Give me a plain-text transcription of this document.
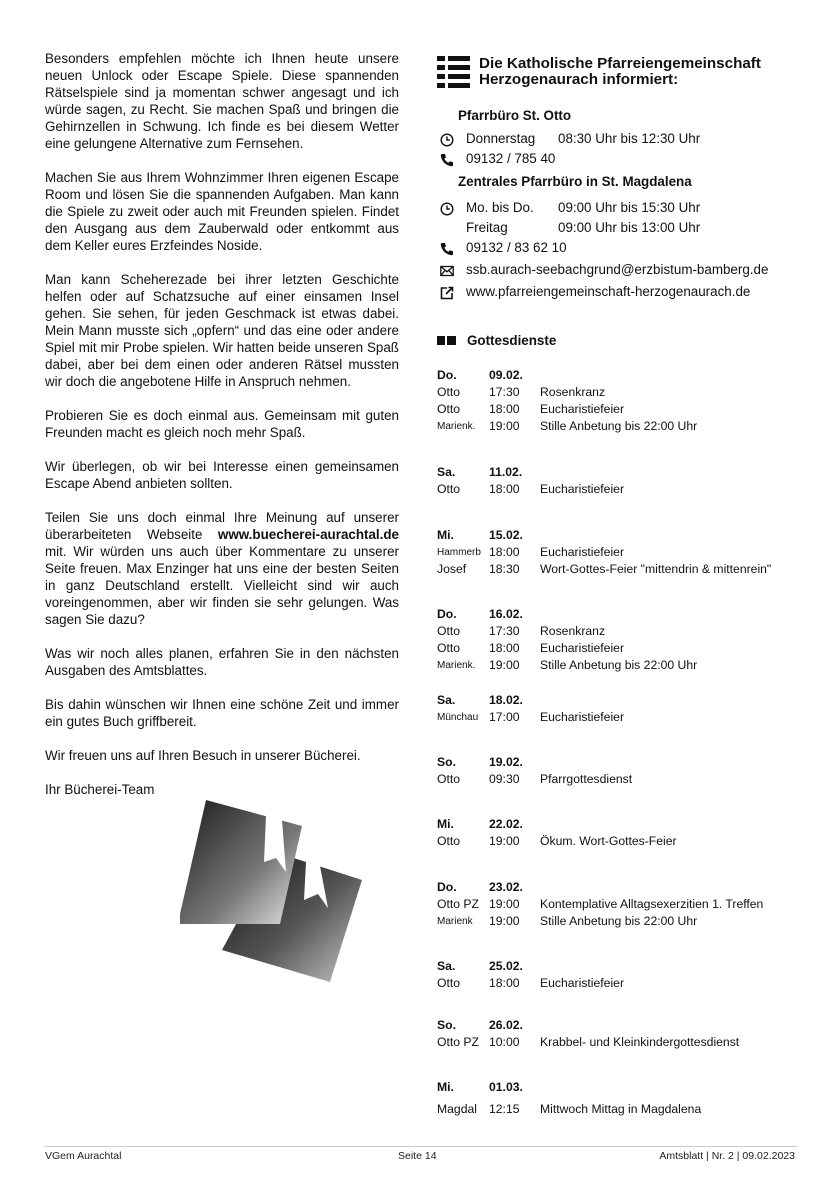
Besonders empfehlen möchte ich Ihnen heute unsere neuen Unlock oder Escape Spiele. Diese spannenden Rätselspiele sind ja momentan schwer angesagt und ich würde sagen, zu Recht. Sie machen Spaß und bringen die Gehirnzellen in Schwung. Ich finde es bei diesem Wetter eine gelungene Alternative zum Fernsehen.

Machen Sie aus Ihrem Wohnzimmer Ihren eigenen Escape Room und lösen Sie die spannenden Aufgaben. Man kann die Spiele zu zweit oder auch mit Freunden spielen. Findet den Ausgang aus dem Zauberwald oder entkommt aus dem Keller eures Erzfeindes Noside.

Man kann Scheherezade bei ihrer letzten Geschichte helfen oder auf Schatzsuche auf einer einsamen Insel gehen. Sie sehen, für jeden Geschmack ist etwas dabei. Mein Mann musste sich „opfern“ und das eine oder andere Spiel mit mir Probe spielen. Wir hatten beide unseren Spaß dabei, aber bei dem einen oder anderen Rätsel mussten wir doch die angebotene Hilfe in Anspruch nehmen.

Probieren Sie es doch einmal aus. Gemeinsam mit guten Freunden macht es gleich noch mehr Spaß.

Wir überlegen, ob wir bei Interesse einen gemeinsamen Escape Abend anbieten sollten.

Teilen Sie uns doch einmal Ihre Meinung auf unserer überarbeiteten Webseite www.buecherei-aurachtal.de mit. Wir würden uns auch über Kommentare zu unserer Seite freuen. Max Enzinger hat uns eine der besten Seiten in ganz Deutschland erstellt. Vielleicht sind wir auch voreingenommen, aber wir finden sie sehr gelungen. Was sagen Sie dazu?

Was wir noch alles planen, erfahren Sie in den nächsten Ausgaben des Amtsblattes.

Bis dahin wünschen wir Ihnen eine schöne Zeit und immer ein gutes Buch griffbereit.

Wir freuen uns auf Ihren Besuch in unserer Bücherei.

Ihr Bücherei-Team

Die Katholische Pfarreiengemeinschaft
Herzogenaurach informiert:
Pfarrbüro St. Otto
Donnerstag 08:30 Uhr bis 12:30 Uhr
09132 / 785 40
Zentrales Pfarrbüro in St. Magdalena
Mo. bis Do. 09:00 Uhr bis 15:30 Uhr
Freitag	09:00 Uhr bis 13:00 Uhr
09132 / 83 62 10
ssb.aurach-seebachgrund@erzbistum-bamberg.de
www.pfarreiengemeinschaft-herzogenaurach.de
Gottesdienste
Do.	09.02.
Otto 17:30 Rosenkranz
Otto 18:00 Eucharistiefeier
Marienk. 19:00 Stille Anbetung bis 22:00 Uhr
Sa.	11.02.
Otto 18:00 Eucharistiefeier
Mi.	15.02.
Hammerb 18:00 Eucharistiefeier
Josef 18:30 Wort-Gottes-Feier "mittendrin & mittenrein"
Do.	16.02.
Otto 17:30 Rosenkranz
Otto 18:00 Eucharistiefeier
Marienk. 19:00 Stille Anbetung bis 22:00 Uhr
Sa.	18.02.
Münchau 17:00 Eucharistiefeier
So.	19.02.
Otto 09:30 Pfarrgottesdienst
Mi.	22.02.
Otto 19:00 Ökum. Wort-Gottes-Feier
Do.	23.02.
Otto PZ 19:00 Kontemplative Alltagsexerzitien 1. Treffen
Marienk 19:00 Stille Anbetung bis 22:00 Uhr
Sa.	25.02.
Otto 18:00 Eucharistiefeier
So.	26.02.
Otto PZ 10:00 Krabbel- und Kleinkindergottesdienst
Mi.	01.03.
Magdal 12:15 Mittwoch Mittag in Magdalena
VGem Aurachtal	Seite 14	Amtsblatt | Nr. 2 | 09.02.2023
